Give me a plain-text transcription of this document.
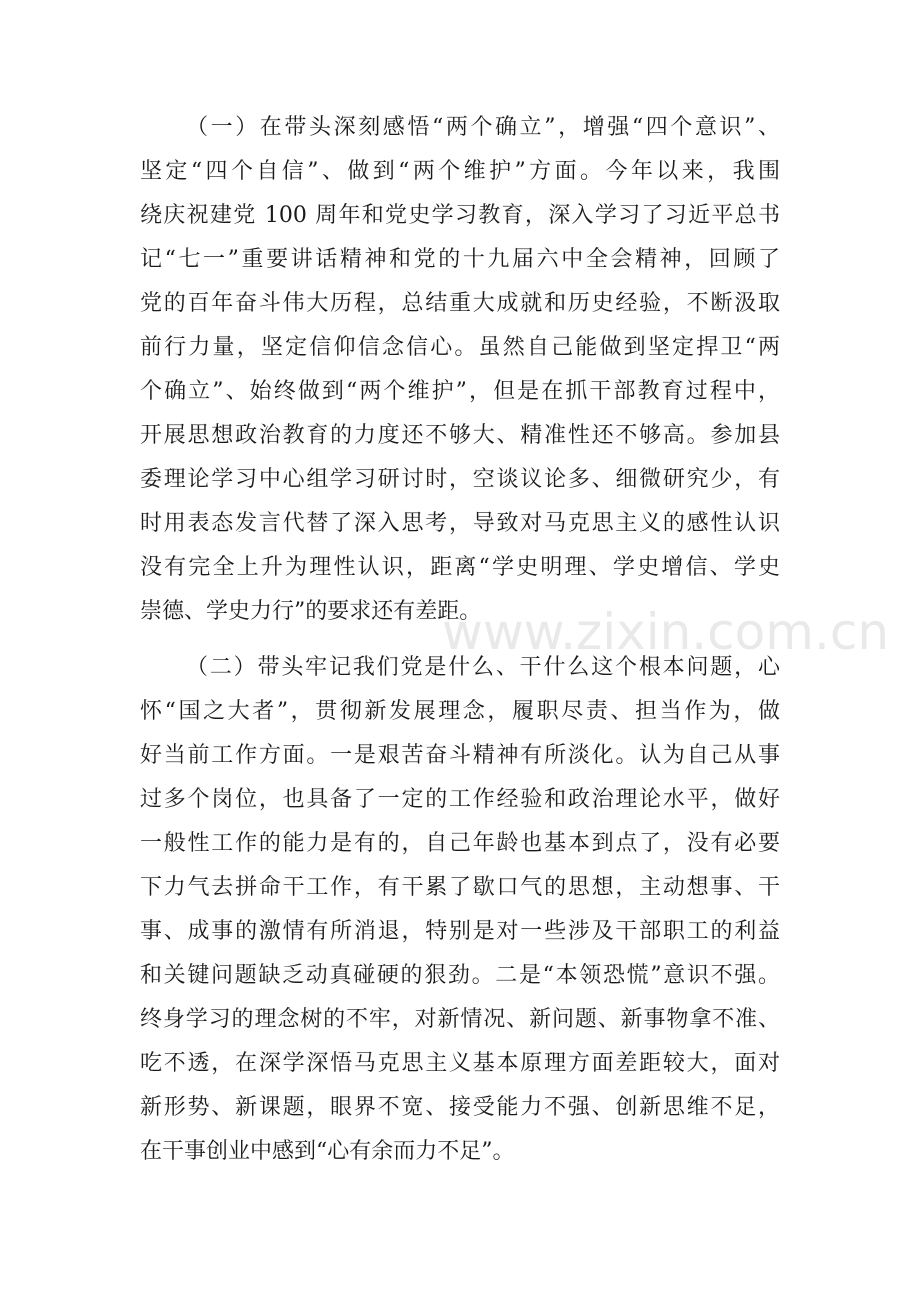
（一）在带头深刻感悟“两个确立”，增强“四个意识”、
坚定“四个自信”、做到“两个维护”方面。今年以来，我围
绕庆祝建党 100 周年和党史学习教育，深入学习了习近平总书
记“七一”重要讲话精神和党的十九届六中全会精神，回顾了
党的百年奋斗伟大历程，总结重大成就和历史经验，不断汲取
前行力量，坚定信仰信念信心。虽然自己能做到坚定捍卫“两
个确立”、始终做到“两个维护”，但是在抓干部教育过程中，
开展思想政治教育的力度还不够大、精准性还不够高。参加县
委理论学习中心组学习研讨时，空谈议论多、细微研究少，有
时用表态发言代替了深入思考，导致对马克思主义的感性认识
没有完全上升为理性认识，距离“学史明理、学史增信、学史
崇德、学史力行”的要求还有差距。
（二）带头牢记我们党是什么、干什么这个根本问题，心
怀“国之大者”，贯彻新发展理念，履职尽责、担当作为，做
好当前工作方面。一是艰苦奋斗精神有所淡化。认为自己从事
过多个岗位，也具备了一定的工作经验和政治理论水平，做好
一般性工作的能力是有的，自己年龄也基本到点了，没有必要
下力气去拼命干工作，有干累了歇口气的思想，主动想事、干
事、成事的激情有所消退，特别是对一些涉及干部职工的利益
和关键问题缺乏动真碰硬的狠劲。二是“本领恐慌”意识不强。
终身学习的理念树的不牢，对新情况、新问题、新事物拿不准、
吃不透，在深学深悟马克思主义基本原理方面差距较大，面对
新形势、新课题，眼界不宽、接受能力不强、创新思维不足，
在干事创业中感到“心有余而力不足”。
www.zixin.com.cn
